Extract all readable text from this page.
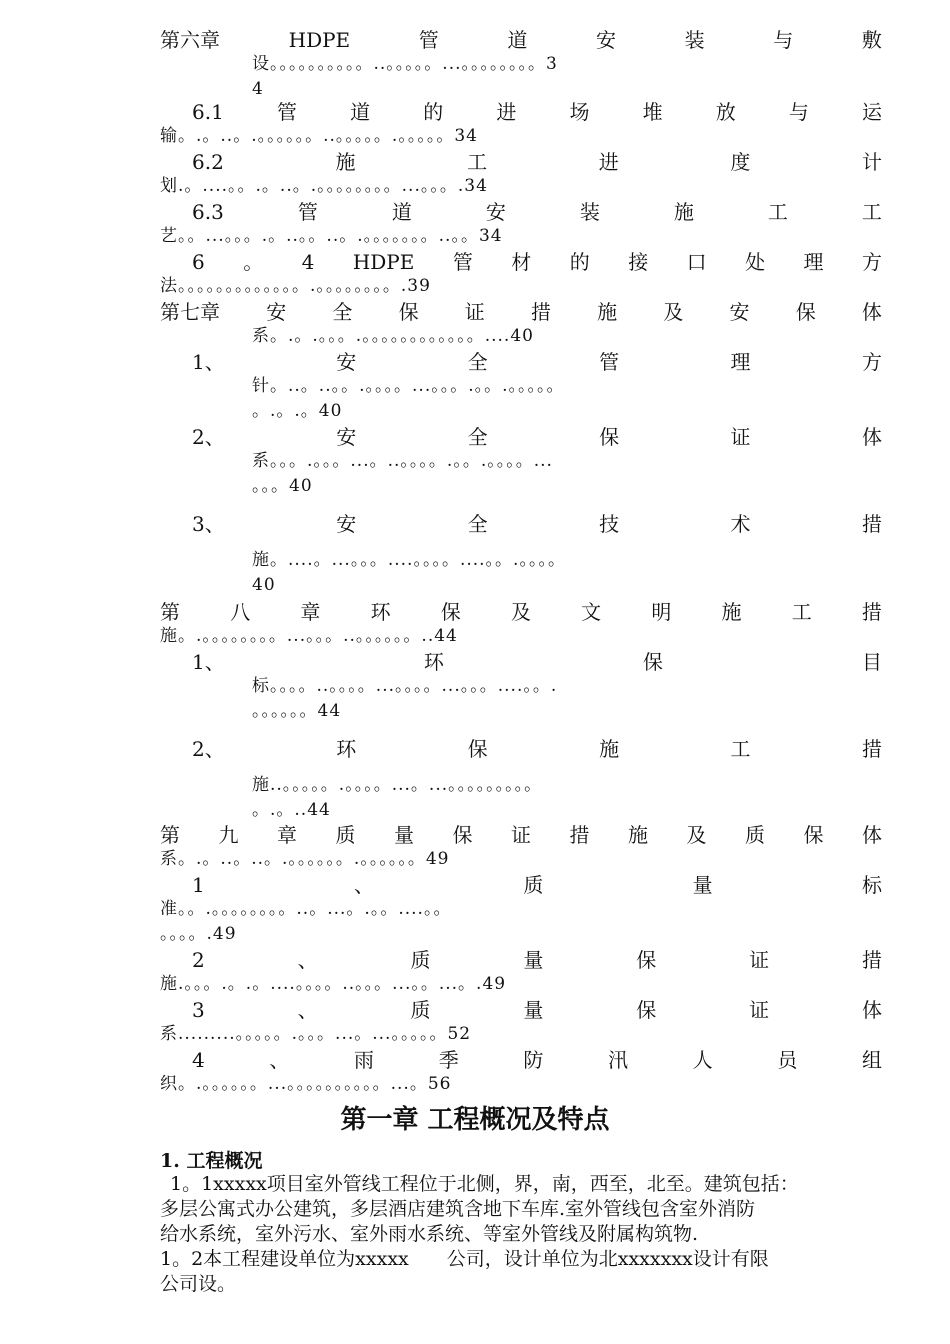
第六章	HDPE	管	道	安	装	与	敷
设。。。。。。。。。。..。。。。。...。。。。。。。。3
4
6.1	管	道	的	进	场	堆	放	与	运
输。.。..。.。。。。。。..。。。。。.。。。。。34
6.2	施	工	进	度	计
划.。....。。.。..。.。。。。。。。。...。。。.34
6.3	管	道	安	装	施	工	工
艺。。...。。。.。..。。..。.。。。。。。。..。。34
6 。 4 HDPE 管 材 的 接 口 处 理 方
法。。。。。。。。。。。。。.。。。。。。。。.39
第七章 安 全 保 证 措 施 及 安 保 体
系。.。.。。。.。。。。。。。。。。。。....40
1、	安	全	管	理	方
针。..。..。。.。。。。...。。。.。。.。。。。。
。.。.。40
2、	安	全	保	证	体
系。。。.。。。...。..。。。。.。。.。。。。...
。。。40
3、	安	全	技	术	措
施。....。...。。。....。。。。....。。.。。。。
40
第	八	章	环	保	及	文	明	施	工	措
施。.。。。。。。。。...。。。..。。。。。。..44
1、	环	保	目
标。。。。..。。。。...。。。。...。。。....。。.
。。。。。。44
2、	环	保	施	工	措
施..。。。。。.。。。。...。...。。。。。。。。。
。.。..44
第 九 章 质 量 保 证 措 施 及 质 保 体
系。.。..。..。.。。。。。。.。。。。。。49
1	、	质	量	标
准。。.。。。。。。。。..。...。.。。....。。
。。。。.49
2	、	质	量	保	证	措
施.。。。.。.。....。。。。..。。。...。。...。.49
3	、	质	量	保	证	体
系.........。。。。。.。。。...。...。。。。。52
4	、	雨	季	防	汛	人	员	组
织。.。。。。。。...。。。。。。。。。。...。56
第一章 工程概况及特点
1. 工程概况
1。1xxxxx项目室外管线工程位于北侧，界，南，西至，北至。建筑包括：
多层公寓式办公建筑，多层酒店建筑含地下车库.室外管线包含室外消防
给水系统，室外污水、室外雨水系统、等室外管线及附属构筑物.
1。2本工程建设单位为xxxxx　　公司，设计单位为北xxxxxxx设计有限
公司设。
